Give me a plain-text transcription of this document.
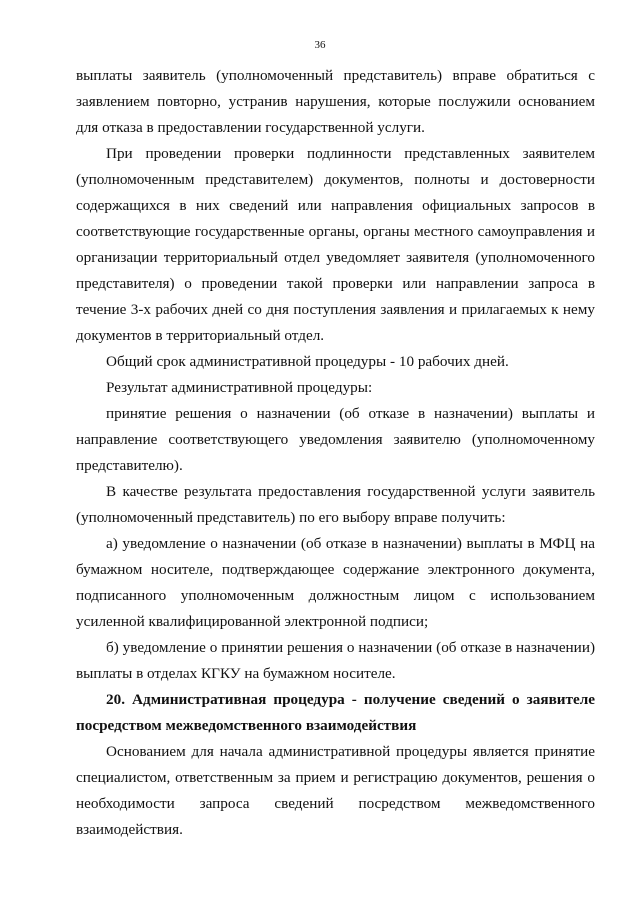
36

выплаты заявитель (уполномоченный представитель) вправе обратиться с заявлением повторно, устранив нарушения, которые послужили основанием для отказа в предоставлении государственной услуги.

При проведении проверки подлинности представленных заявителем (уполномоченным представителем) документов, полноты и достоверности содержащихся в них сведений или направления официальных запросов в соответствующие государственные органы, органы местного самоуправления и организации территориальный отдел уведомляет заявителя (уполномоченного представителя) о проведении такой проверки или направлении запроса в течение 3-х рабочих дней со дня поступления заявления и прилагаемых к нему документов в территориальный отдел.

Общий срок административной процедуры - 10 рабочих дней.

Результат административной процедуры:

принятие решения о назначении (об отказе в назначении) выплаты и направление соответствующего уведомления заявителю (уполномоченному представителю).

В качестве результата предоставления государственной услуги заявитель (уполномоченный представитель) по его выбору вправе получить:

а) уведомление о назначении (об отказе в назначении) выплаты в МФЦ на бумажном носителе, подтверждающее содержание электронного документа, подписанного уполномоченным должностным лицом с использованием усиленной квалифицированной электронной подписи;

б) уведомление о принятии решения о назначении (об отказе в назначении) выплаты в отделах КГКУ на бумажном носителе.

20. Административная процедура - получение сведений о заявителе посредством межведомственного взаимодействия

Основанием для начала административной процедуры является принятие специалистом, ответственным за прием и регистрацию документов, решения о необходимости запроса сведений посредством межведомственного взаимодействия.
